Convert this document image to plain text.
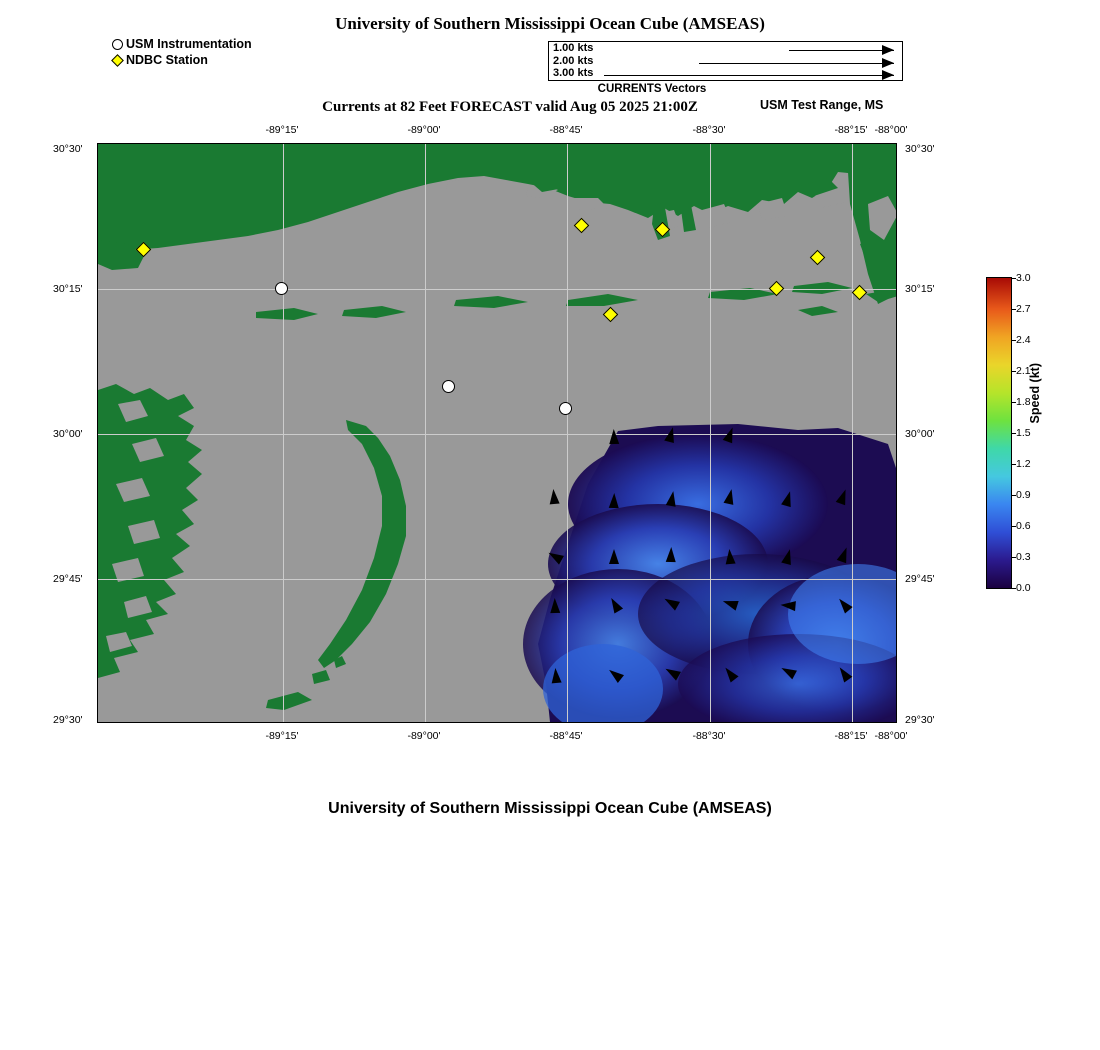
University of Southern Mississippi Ocean Cube (AMSEAS)
USM Instrumentation
NDBC Station
1.00 kts
2.00 kts
3.00 kts
CURRENTS Vectors
Currents at 82 Feet FORECAST valid Aug 05 2025 21:00Z	USM Test Range, MS
-89°15'	-89°00'	-88°45'	-88°30'	-88°15' -88°00'
-89°15'	-89°00'	-88°45'	-88°30'	-88°15' -88°00'
30°30'
30°15'
30°00'
29°45'
29°30'
30°30'
30°15'
30°00'
29°45'
29°30'
3.0
2.7
2.4
2.1
1.8
1.5
1.2
0.9
0.6
0.3
0.0
Speed (kt)
University of Southern Mississippi Ocean Cube (AMSEAS)
